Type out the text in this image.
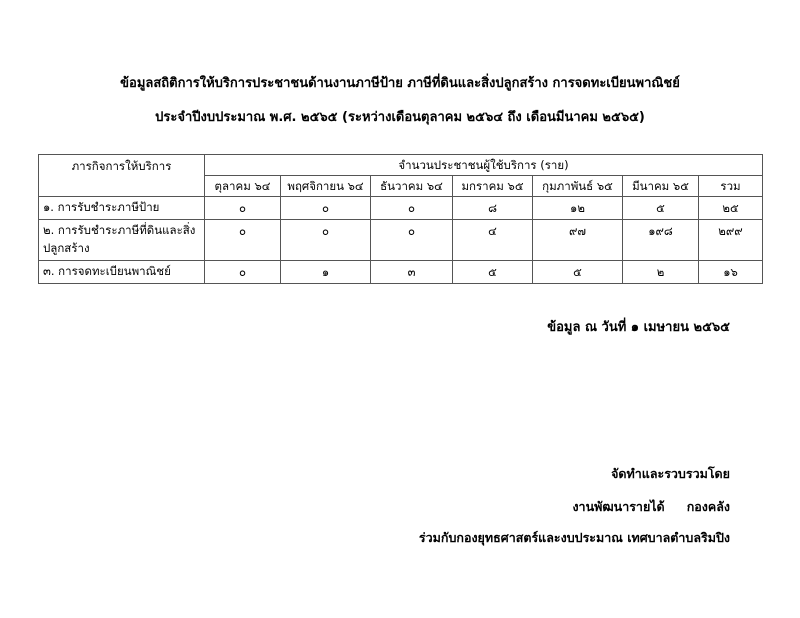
ข้อมูลสถิติการให้บริการประชาชนด้านงานภาษีป้าย ภาษีที่ดินและสิ่งปลูกสร้าง การจดทะเบียนพาณิชย์
ประจำปีงบประมาณ พ.ศ. ๒๕๖๕ (ระหว่างเดือนตุลาคม ๒๕๖๔ ถึง เดือนมีนาคม ๒๕๖๕)
ภารกิจการให้บริการ	จำนวนประชาชนผู้ใช้บริการ (ราย)						
	ตุลาคม ๖๔	พฤศจิกายน ๖๔	ธันวาคม ๖๔	มกราคม ๖๕	กุมภาพันธ์ ๖๕	มีนาคม ๖๕	รวม
๑. การรับชำระภาษีป้าย	๐	๐	๐	๘	๑๒	๕	๒๕
๒. การรับชำระภาษีที่ดินและสิ่งปลูกสร้าง	๐	๐	๐	๔	๙๗	๑๙๘	๒๙๙
๓. การจดทะเบียนพาณิชย์	๐	๑	๓	๕	๕	๒	๑๖
ข้อมูล ณ วันที่ ๑ เมษายน ๒๕๖๕
จัดทำและรวบรวมโดย
งานพัฒนารายได้ กองคลัง
ร่วมกับกองยุทธศาสตร์และงบประมาณ เทศบาลตำบลริมปิง
